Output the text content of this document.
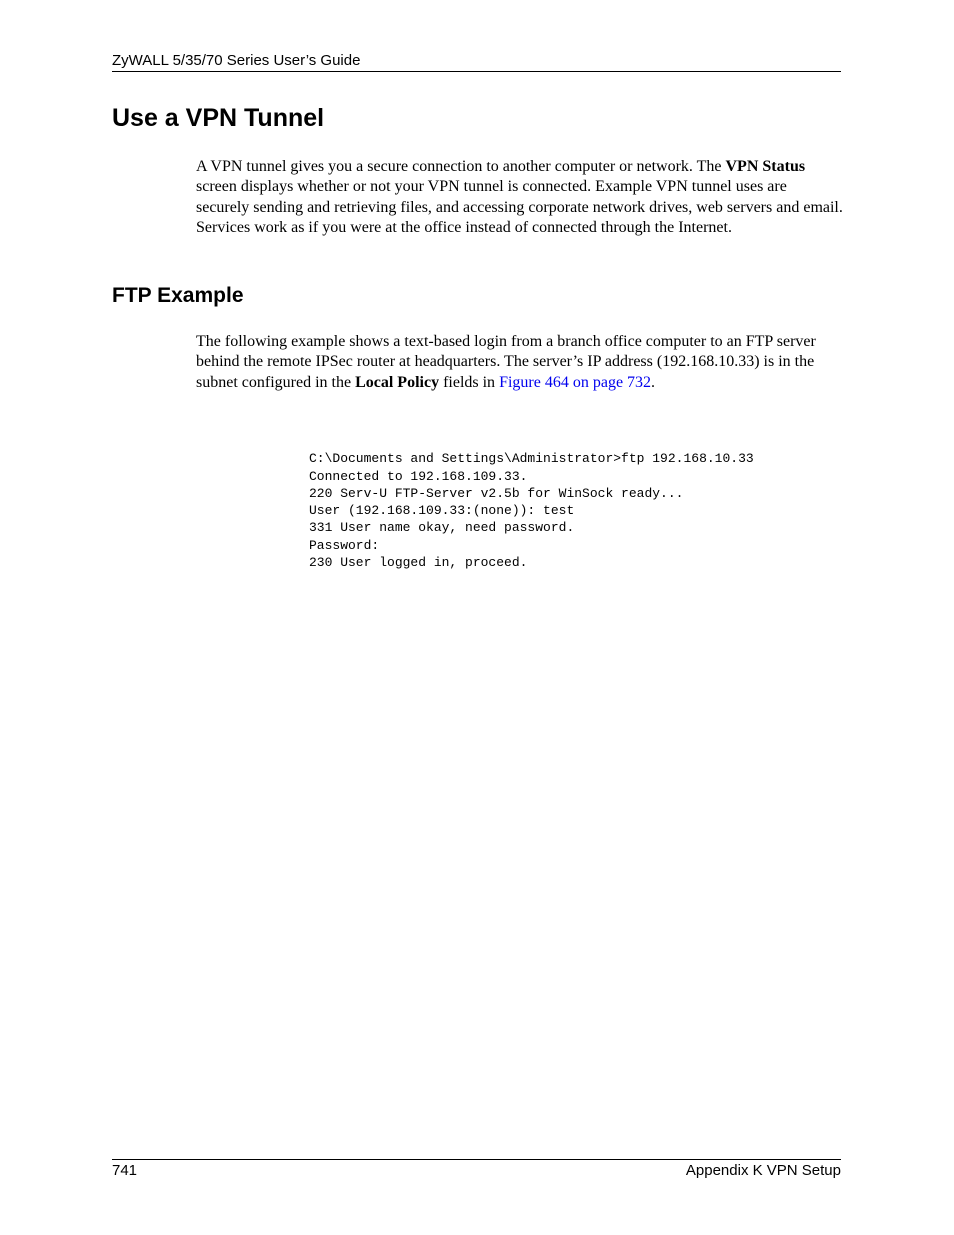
ZyWALL 5/35/70 Series User’s Guide
Use a VPN Tunnel

A VPN tunnel gives you a secure connection to another computer or network. The VPN Status screen displays whether or not your VPN tunnel is connected. Example VPN tunnel uses are securely sending and retrieving files, and accessing corporate network drives, web servers and email. Services work as if you were at the office instead of connected through the Internet.

FTP Example

The following example shows a text-based login from a branch office computer to an FTP server behind the remote IPSec router at headquarters. The server’s IP address (192.168.10.33) is in the subnet configured in the Local Policy fields in Figure 464 on page 732.

C:\Documents and Settings\Administrator>ftp 192.168.10.33
Connected to 192.168.109.33.
220 Serv-U FTP-Server v2.5b for WinSock ready...
User (192.168.109.33:(none)): test
331 User name okay, need password.
Password:
230 User logged in, proceed.

741	Appendix K VPN Setup
